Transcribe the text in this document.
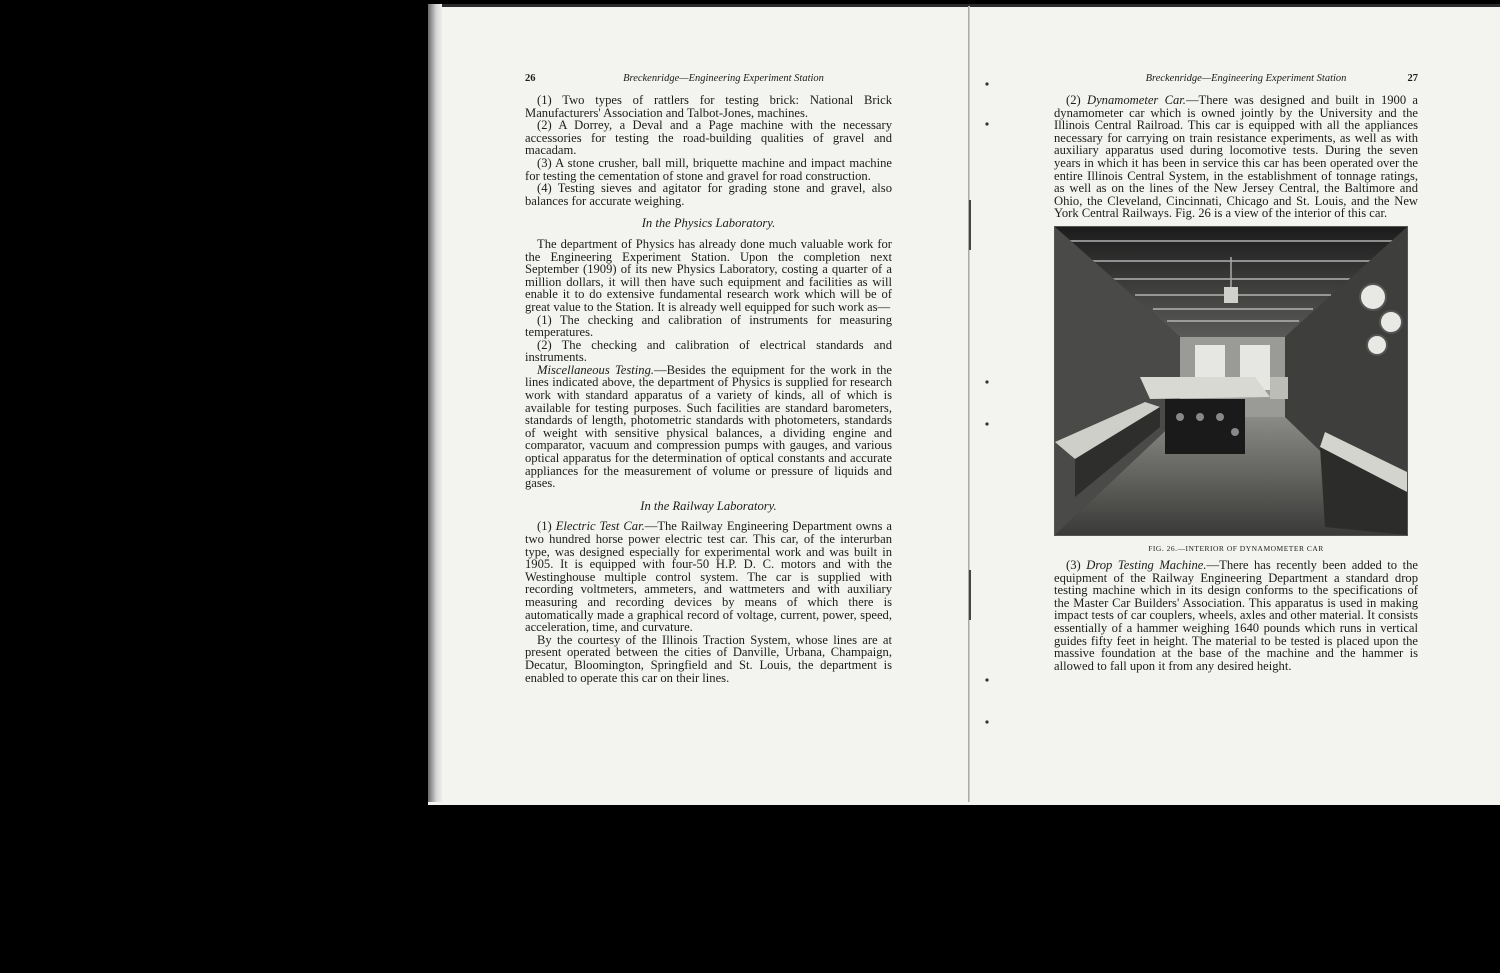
26	Breckenridge—Engineering Experiment Station

(1) Two types of rattlers for testing brick: National Brick Manufacturers' Association and Talbot-Jones, machines.

(2) A Dorrey, a Deval and a Page machine with the necessary accessories for testing the road-building qualities of gravel and macadam.

(3) A stone crusher, ball mill, briquette machine and impact machine for testing the cementation of stone and gravel for road construction.

(4) Testing sieves and agitator for grading stone and gravel, also balances for accurate weighing.

In the Physics Laboratory.

The department of Physics has already done much valuable work for the Engineering Experiment Station. Upon the completion next September (1909) of its new Physics Laboratory, costing a quarter of a million dollars, it will then have such equipment and facilities as will enable it to do extensive fundamental research work which will be of great value to the Station. It is already well equipped for such work as—

(1) The checking and calibration of instruments for measuring temperatures.

(2) The checking and calibration of electrical standards and instruments.

Miscellaneous Testing.—Besides the equipment for the work in the lines indicated above, the department of Physics is supplied for research work with standard apparatus of a variety of kinds, all of which is available for testing purposes. Such facilities are standard barometers, standards of length, photometric standards with photometers, standards of weight with sensitive physical balances, a dividing engine and comparator, vacuum and compression pumps with gauges, and various optical apparatus for the determination of optical constants and accurate appliances for the measurement of volume or pressure of liquids and gases.

In the Railway Laboratory.

(1) Electric Test Car.—The Railway Engineering Department owns a two hundred horse power electric test car. This car, of the interurban type, was designed especially for experimental work and was built in 1905. It is equipped with four-50 H.P. D. C. motors and with the Westinghouse multiple control system. The car is supplied with recording voltmeters, ammeters, and wattmeters and with auxiliary measuring and recording devices by means of which there is automatically made a graphical record of voltage, current, power, speed, acceleration, time, and curvature.

By the courtesy of the Illinois Traction System, whose lines are at present operated between the cities of Danville, Urbana, Champaign, Decatur, Bloomington, Springfield and St. Louis, the department is enabled to operate this car on their lines.

Breckenridge—Engineering Experiment Station	27

(2) Dynamometer Car.—There was designed and built in 1900 a dynamometer car which is owned jointly by the University and the Illinois Central Railroad. This car is equipped with all the appliances necessary for carrying on train resistance experiments, as well as with auxiliary apparatus used during locomotive tests. During the seven years in which it has been in service this car has been operated over the entire Illinois Central System, in the establishment of tonnage ratings, as well as on the lines of the New Jersey Central, the Baltimore and Ohio, the Cleveland, Cincinnati, Chicago and St. Louis, and the New York Central Railways. Fig. 26 is a view of the interior of this car.

FIG. 26.—INTERIOR OF DYNAMOMETER CAR

(3) Drop Testing Machine.—There has recently been added to the equipment of the Railway Engineering Department a standard drop testing machine which in its design conforms to the specifications of the Master Car Builders' Association. This apparatus is used in making impact tests of car couplers, wheels, axles and other material. It consists essentially of a hammer weighing 1640 pounds which runs in vertical guides fifty feet in height. The material to be tested is placed upon the massive foundation at the base of the machine and the hammer is allowed to fall upon it from any desired height.
